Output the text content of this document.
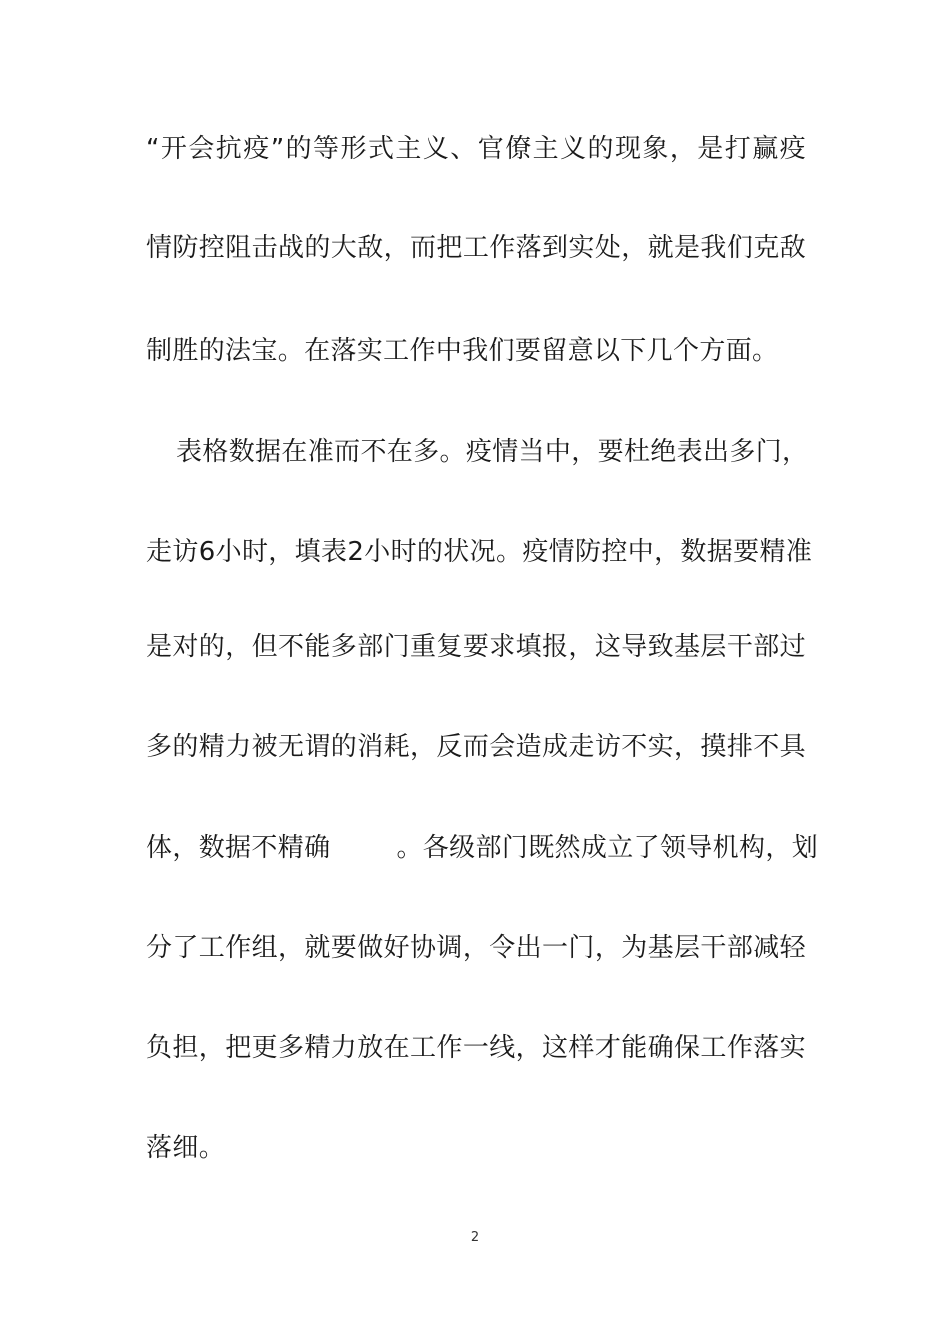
“开会抗疫”的等形式主义、官僚主义的现象，是打赢疫
情防控阻击战的大敌，而把工作落到实处，就是我们克敌
制胜的法宝。在落实工作中我们要留意以下几个方面。
表格数据在准而不在多。疫情当中，要杜绝表出多门，
走访6小时，填表2小时的状况。疫情防控中，数据要精准
是对的，但不能多部门重复要求填报，这导致基层干部过
多的精力被无谓的消耗，反而会造成走访不实，摸排不具
体，数据不精确	。各级部门既然成立了领导机构，划
分了工作组，就要做好协调，令出一门，为基层干部减轻
负担，把更多精力放在工作一线，这样才能确保工作落实
落细。
2
